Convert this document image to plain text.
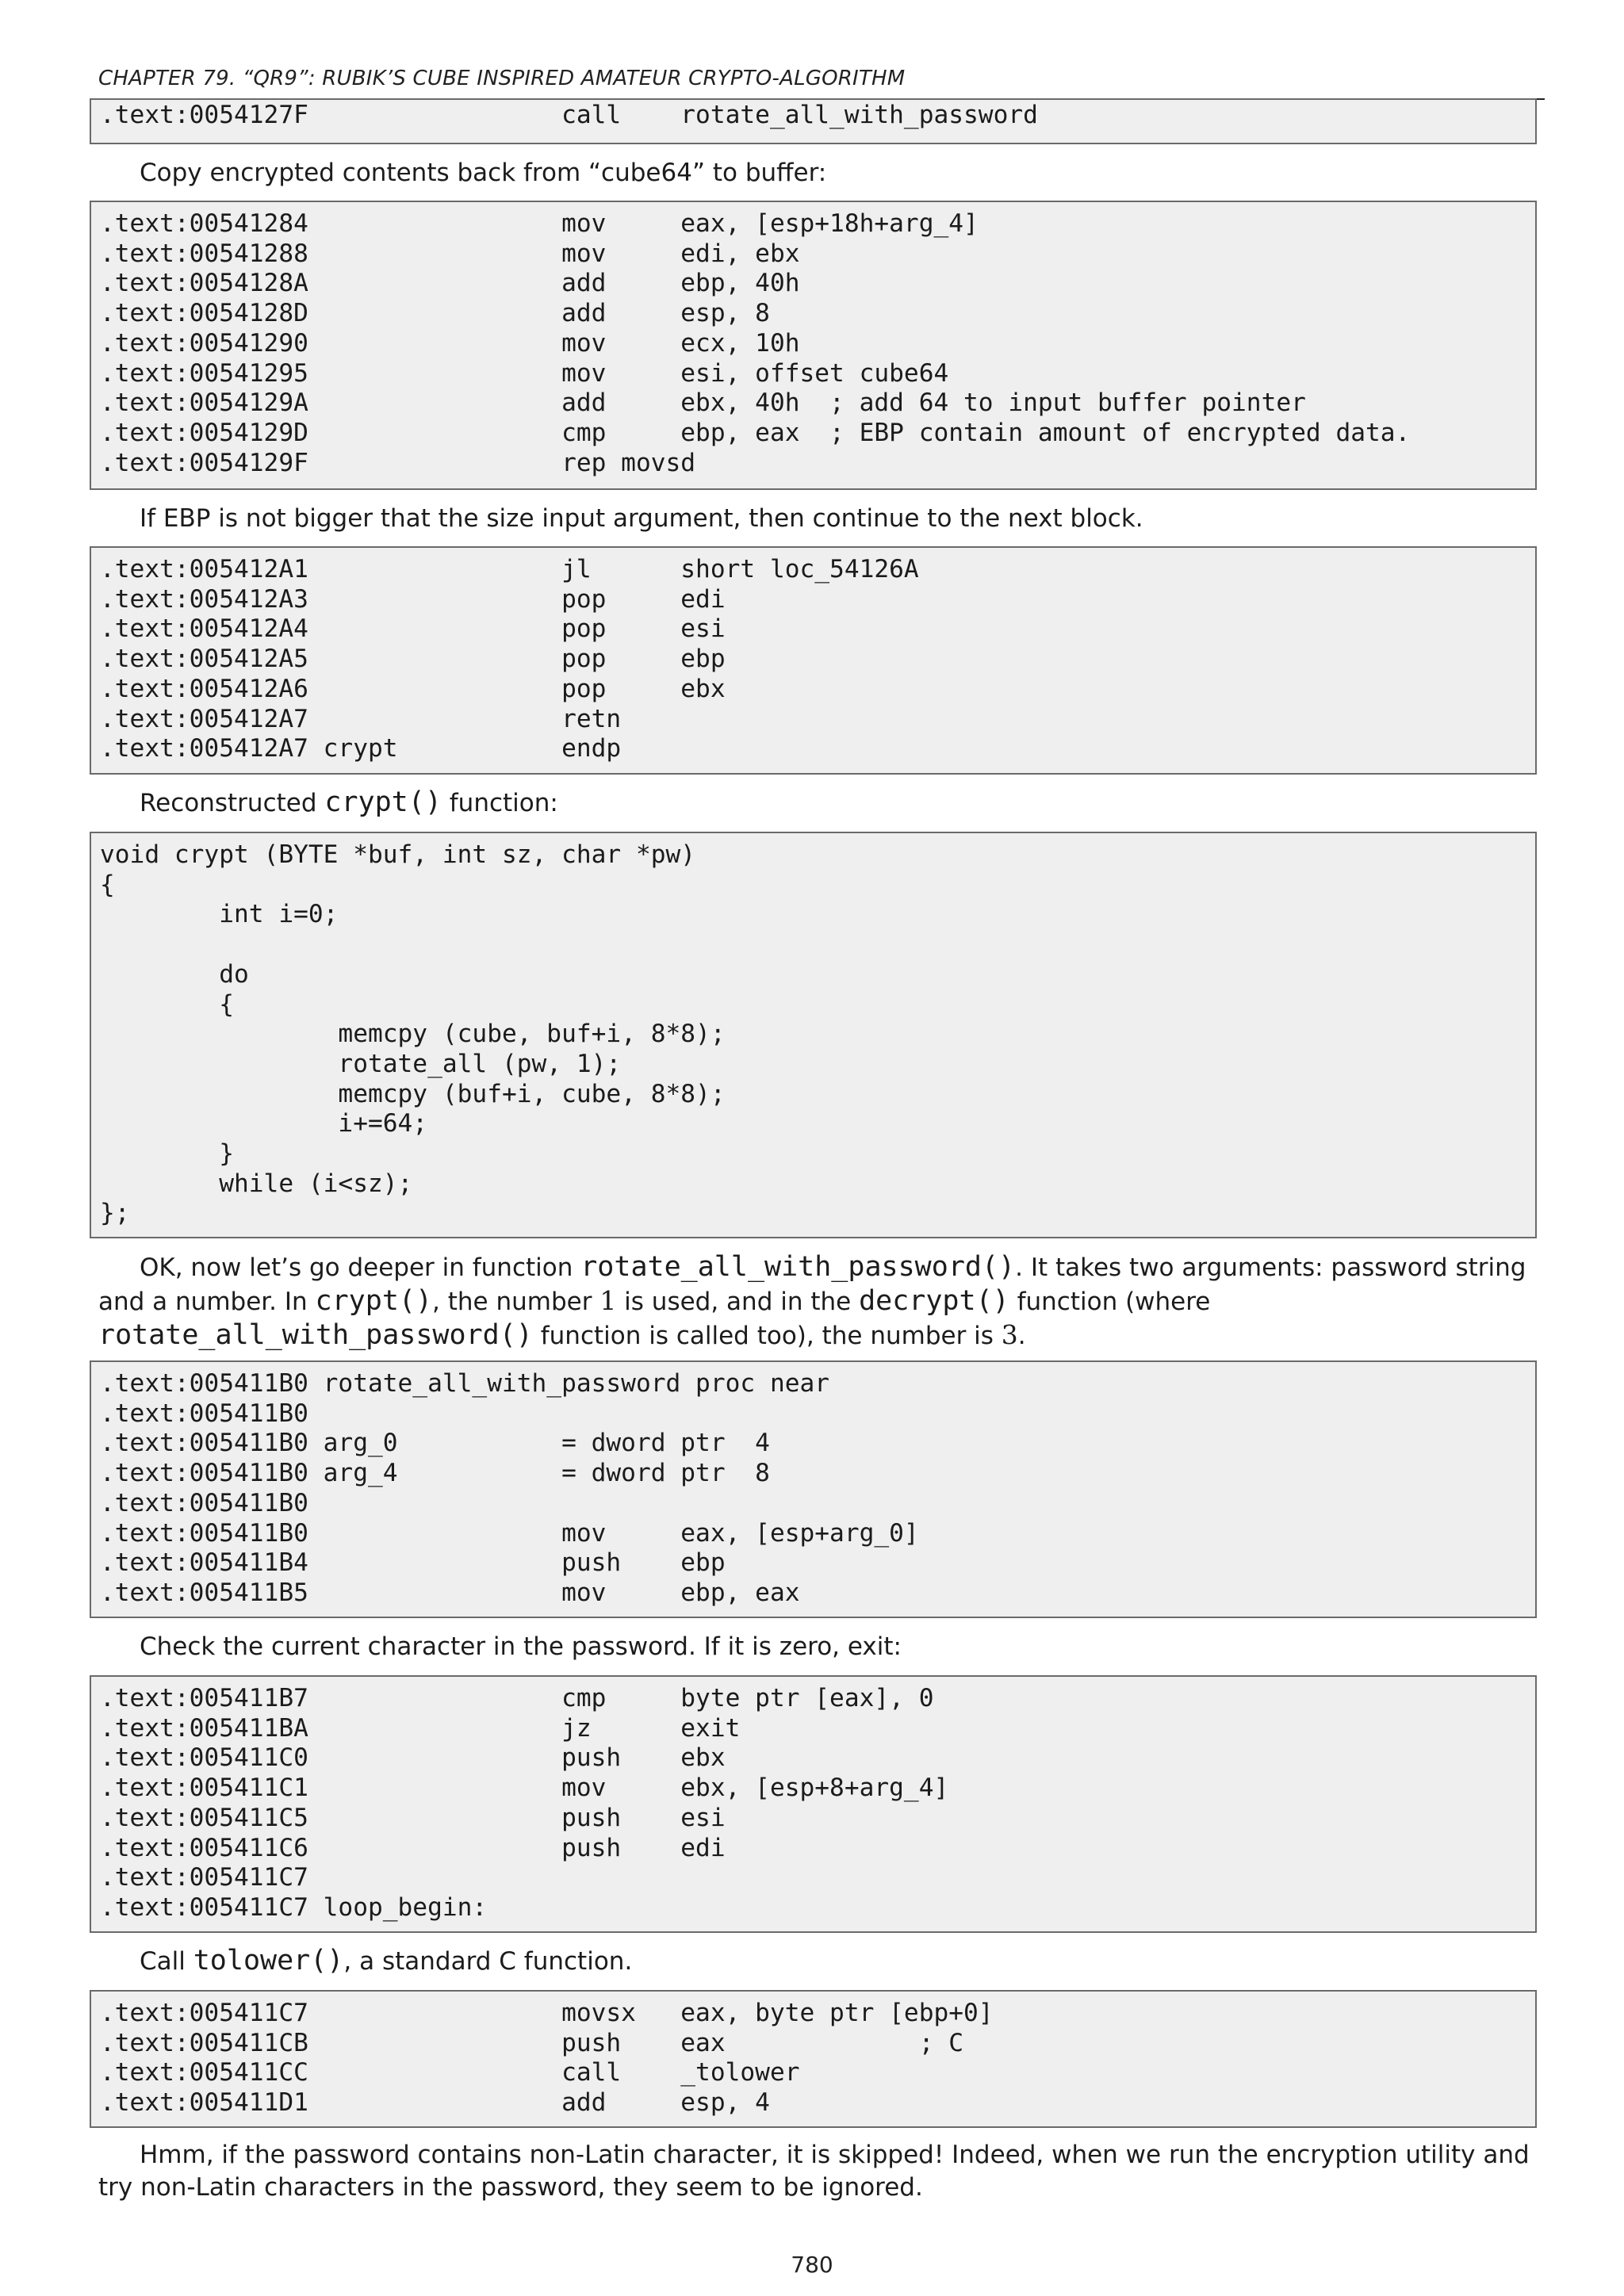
CHAPTER 79. “QR9”: RUBIK’S CUBE INSPIRED AMATEUR CRYPTO-ALGORITHM
.text:0054127F                 call    rotate_all_with_password
Copy encrypted contents back from “cube64” to buffer:
.text:00541284                 mov     eax, [esp+18h+arg_4]
.text:00541288                 mov     edi, ebx
.text:0054128A                 add     ebp, 40h
.text:0054128D                 add     esp, 8
.text:00541290                 mov     ecx, 10h
.text:00541295                 mov     esi, offset cube64
.text:0054129A                 add     ebx, 40h  ; add 64 to input buffer pointer
.text:0054129D                 cmp     ebp, eax  ; EBP contain amount of encrypted data.
.text:0054129F                 rep movsd
If EBP is not bigger that the size input argument, then continue to the next block.
.text:005412A1                 jl      short loc_54126A
.text:005412A3                 pop     edi
.text:005412A4                 pop     esi
.text:005412A5                 pop     ebp
.text:005412A6                 pop     ebx
.text:005412A7                 retn
.text:005412A7 crypt           endp
Reconstructed crypt() function:
void crypt (BYTE *buf, int sz, char *pw)
{
int i=0;

do
{
memcpy (cube, buf+i, 8*8);
rotate_all (pw, 1);
memcpy (buf+i, cube, 8*8);
i+=64;
}
while (i<sz);
};
OK, now let’s go deeper in function rotate_all_with_password(). It takes two arguments: password string and a number. In crypt(), the number 1 is used, and in the decrypt() function (where rotate_all_with_password() function is called too), the number is 3.
.text:005411B0 rotate_all_with_password proc near
.text:005411B0
.text:005411B0 arg_0           = dword ptr  4
.text:005411B0 arg_4           = dword ptr  8
.text:005411B0
.text:005411B0                 mov     eax, [esp+arg_0]
.text:005411B4                 push    ebp
.text:005411B5                 mov     ebp, eax
Check the current character in the password. If it is zero, exit:
.text:005411B7                 cmp     byte ptr [eax], 0
.text:005411BA                 jz      exit
.text:005411C0                 push    ebx
.text:005411C1                 mov     ebx, [esp+8+arg_4]
.text:005411C5                 push    esi
.text:005411C6                 push    edi
.text:005411C7
.text:005411C7 loop_begin:
Call tolower(), a standard C function.
.text:005411C7                 movsx   eax, byte ptr [ebp+0]
.text:005411CB                 push    eax             ; C
.text:005411CC                 call    _tolower
.text:005411D1                 add     esp, 4
Hmm, if the password contains non-Latin character, it is skipped! Indeed, when we run the encryption utility and try non-Latin characters in the password, they seem to be ignored.
780
